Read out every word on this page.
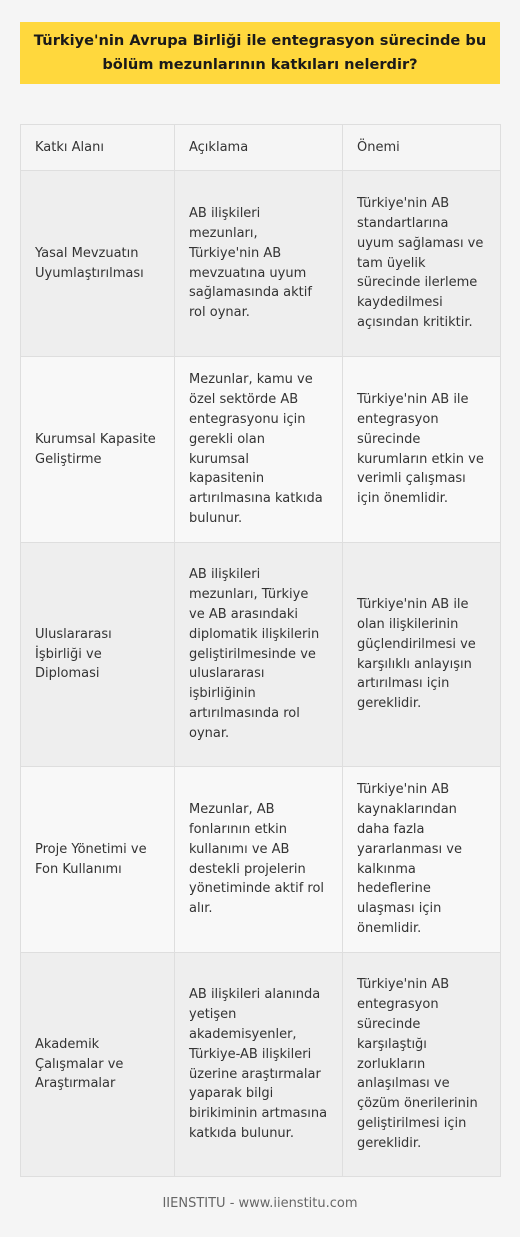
Türkiye'nin Avrupa Birliği ile entegrasyon sürecinde bu bölüm mezunlarının katkıları nelerdir?
Katkı Alanı	Açıklama	Önemi
Yasal Mevzuatın Uyumlaştırılması	AB ilişkileri mezunları, Türkiye'nin AB mevzuatına uyum sağlamasında aktif rol oynar.	Türkiye'nin AB standartlarına uyum sağlaması ve tam üyelik sürecinde ilerleme kaydedilmesi açısından kritiktir.
Kurumsal Kapasite Geliştirme	Mezunlar, kamu ve özel sektörde AB entegrasyonu için gerekli olan kurumsal kapasitenin artırılmasına katkıda bulunur.	Türkiye'nin AB ile entegrasyon sürecinde kurumların etkin ve verimli çalışması için önemlidir.
Uluslararası İşbirliği ve Diplomasi	AB ilişkileri mezunları, Türkiye ve AB arasındaki diplomatik ilişkilerin geliştirilmesinde ve uluslararası işbirliğinin artırılmasında rol oynar.	Türkiye'nin AB ile olan ilişkilerinin güçlendirilmesi ve karşılıklı anlayışın artırılması için gereklidir.
Proje Yönetimi ve Fon Kullanımı	Mezunlar, AB fonlarının etkin kullanımı ve AB destekli projelerin yönetiminde aktif rol alır.	Türkiye'nin AB kaynaklarından daha fazla yararlanması ve kalkınma hedeflerine ulaşması için önemlidir.
Akademik Çalışmalar ve Araştırmalar	AB ilişkileri alanında yetişen akademisyenler, Türkiye-AB ilişkileri üzerine araştırmalar yaparak bilgi birikiminin artmasına katkıda bulunur.	Türkiye'nin AB entegrasyon sürecinde karşılaştığı zorlukların anlaşılması ve çözüm önerilerinin geliştirilmesi için gereklidir.
IIENSTITU - www.iienstitu.com
